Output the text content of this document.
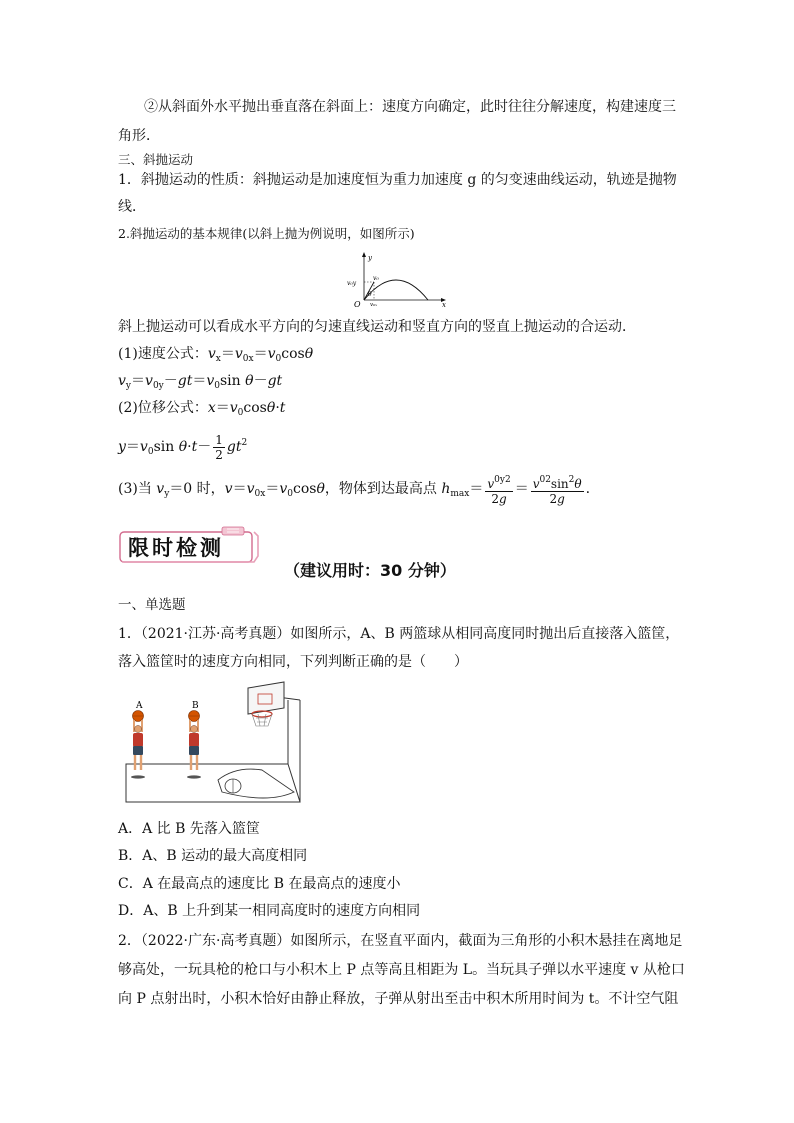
②从斜面外水平抛出垂直落在斜面上：速度方向确定，此时往往分解速度，构建速度三
角形．
三、斜抛运动
1．斜抛运动的性质：斜抛运动是加速度恒为重力加速度 g 的匀变速曲线运动，轨迹是抛物
线．
2.斜抛运动的基本规律(以斜上抛为例说明，如图所示)
y
x
O
v₀
v₀y
v₀ₓ
θ
斜上抛运动可以看成水平方向的匀速直线运动和竖直方向的竖直上抛运动的合运动．
(1)速度公式：$v_x=v_{0x}=v_0\cos\theta$
$v_y=v_{0y}-gt=v_0\sin$ θ－gt
(2)位移公式：$x=v_0\cos\theta\cdot t$
$y=v_0\sin$ $\theta\cdot t- \frac{1}{2} gt^2$
(3)当 $v_y=0$ 时，$v=v_{0x}=v_0\cos\theta$，物体到达最高点 $h_{max}= \frac{v^{0y2}}{2g} = \frac{v^{02}\sin^2\theta}{2g}$ .
限时检测
（建议用时：30 分钟）
一、单选题
1．（2021·江苏·高考真题）如图所示，A、B 两篮球从相同高度同时抛出后直接落入篮筐，
落入篮筐时的速度方向相同，下列判断正确的是（　　）
A	B
A．A 比 B 先落入篮筐
B．A、B 运动的最大高度相同
C．A 在最高点的速度比 B 在最高点的速度小
D．A、B 上升到某一相同高度时的速度方向相同
2．（2022·广东·高考真题）如图所示，在竖直平面内，截面为三角形的小积木悬挂在离地足
够高处，一玩具枪的枪口与小积木上 P 点等高且相距为 L。当玩具子弹以水平速度 v 从枪口
向 P 点射出时，小积木恰好由静止释放，子弹从射出至击中积木所用时间为 t。不计空气阻
